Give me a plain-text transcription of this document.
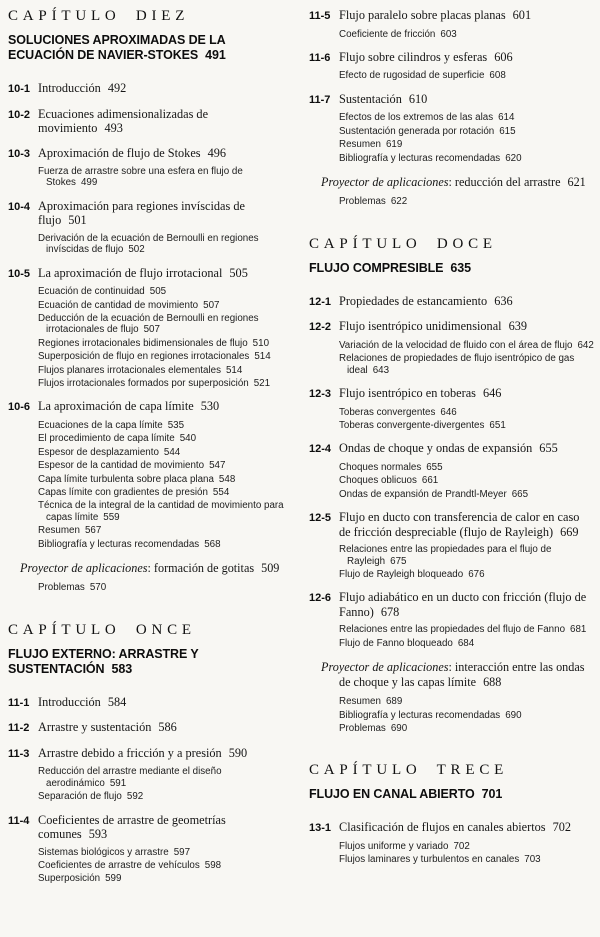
CAPÍTULO DIEZ
SOLUCIONES APROXIMADAS DE LA ECUACIÓN DE NAVIER-STOKES 491
10-1 Introducción 492
10-2 Ecuaciones adimensionalizadas de movimiento 493
10-3 Aproximación de flujo de Stokes 496
Fuerza de arrastre sobre una esfera en flujo de Stokes 499
10-4 Aproximación para regiones invíscidas de flujo 501
Derivación de la ecuación de Bernoulli en regiones invíscidas de flujo 502
10-5 La aproximación de flujo irrotacional 505
Ecuación de continuidad 505
Ecuación de cantidad de movimiento 507
Deducción de la ecuación de Bernoulli en regiones irrotacionales de flujo 507
Regiones irrotacionales bidimensionales de flujo 510
Superposición de flujo en regiones irrotacionales 514
Flujos planares irrotacionales elementales 514
Flujos irrotacionales formados por superposición 521
10-6 La aproximación de capa límite 530
Ecuaciones de la capa límite 535
El procedimiento de capa límite 540
Espesor de desplazamiento 544
Espesor de la cantidad de movimiento 547
Capa límite turbulenta sobre placa plana 548
Capas límite con gradientes de presión 554
Técnica de la integral de la cantidad de movimiento para capas límite 559
Resumen 567
Bibliografía y lecturas recomendadas 568
Proyector de aplicaciones: formación de gotitas 509
Problemas 570
CAPÍTULO ONCE
FLUJO EXTERNO: ARRASTRE Y SUSTENTACIÓN 583
11-1 Introducción 584
11-2 Arrastre y sustentación 586
11-3 Arrastre debido a fricción y a presión 590
Reducción del arrastre mediante el diseño aerodinámico 591
Separación de flujo 592
11-4 Coeficientes de arrastre de geometrías comunes 593
Sistemas biológicos y arrastre 597
Coeficientes de arrastre de vehículos 598
Superposición 599
11-5 Flujo paralelo sobre placas planas 601
Coeficiente de fricción 603
11-6 Flujo sobre cilindros y esferas 606
Efecto de rugosidad de superficie 608
11-7 Sustentación 610
Efectos de los extremos de las alas 614
Sustentación generada por rotación 615
Resumen 619
Bibliografía y lecturas recomendadas 620
Proyector de aplicaciones: reducción del arrastre 621
Problemas 622
CAPÍTULO DOCE
FLUJO COMPRESIBLE 635
12-1 Propiedades de estancamiento 636
12-2 Flujo isentrópico unidimensional 639
Variación de la velocidad de fluido con el área de flujo 642
Relaciones de propiedades de flujo isentrópico de gas ideal 643
12-3 Flujo isentrópico en toberas 646
Toberas convergentes 646
Toberas convergente-divergentes 651
12-4 Ondas de choque y ondas de expansión 655
Choques normales 655
Choques oblicuos 661
Ondas de expansión de Prandtl-Meyer 665
12-5 Flujo en ducto con transferencia de calor en caso de fricción despreciable (flujo de Rayleigh) 669
Relaciones entre las propiedades para el flujo de Rayleigh 675
Flujo de Rayleigh bloqueado 676
12-6 Flujo adiabático en un ducto con fricción (flujo de Fanno) 678
Relaciones entre las propiedades del flujo de Fanno 681
Flujo de Fanno bloqueado 684
Proyector de aplicaciones: interacción entre las ondas de choque y las capas límite 688
Resumen 689
Bibliografía y lecturas recomendadas 690
Problemas 690
CAPÍTULO TRECE
FLUJO EN CANAL ABIERTO 701
13-1 Clasificación de flujos en canales abiertos 702
Flujos uniforme y variado 702
Flujos laminares y turbulentos en canales 703
